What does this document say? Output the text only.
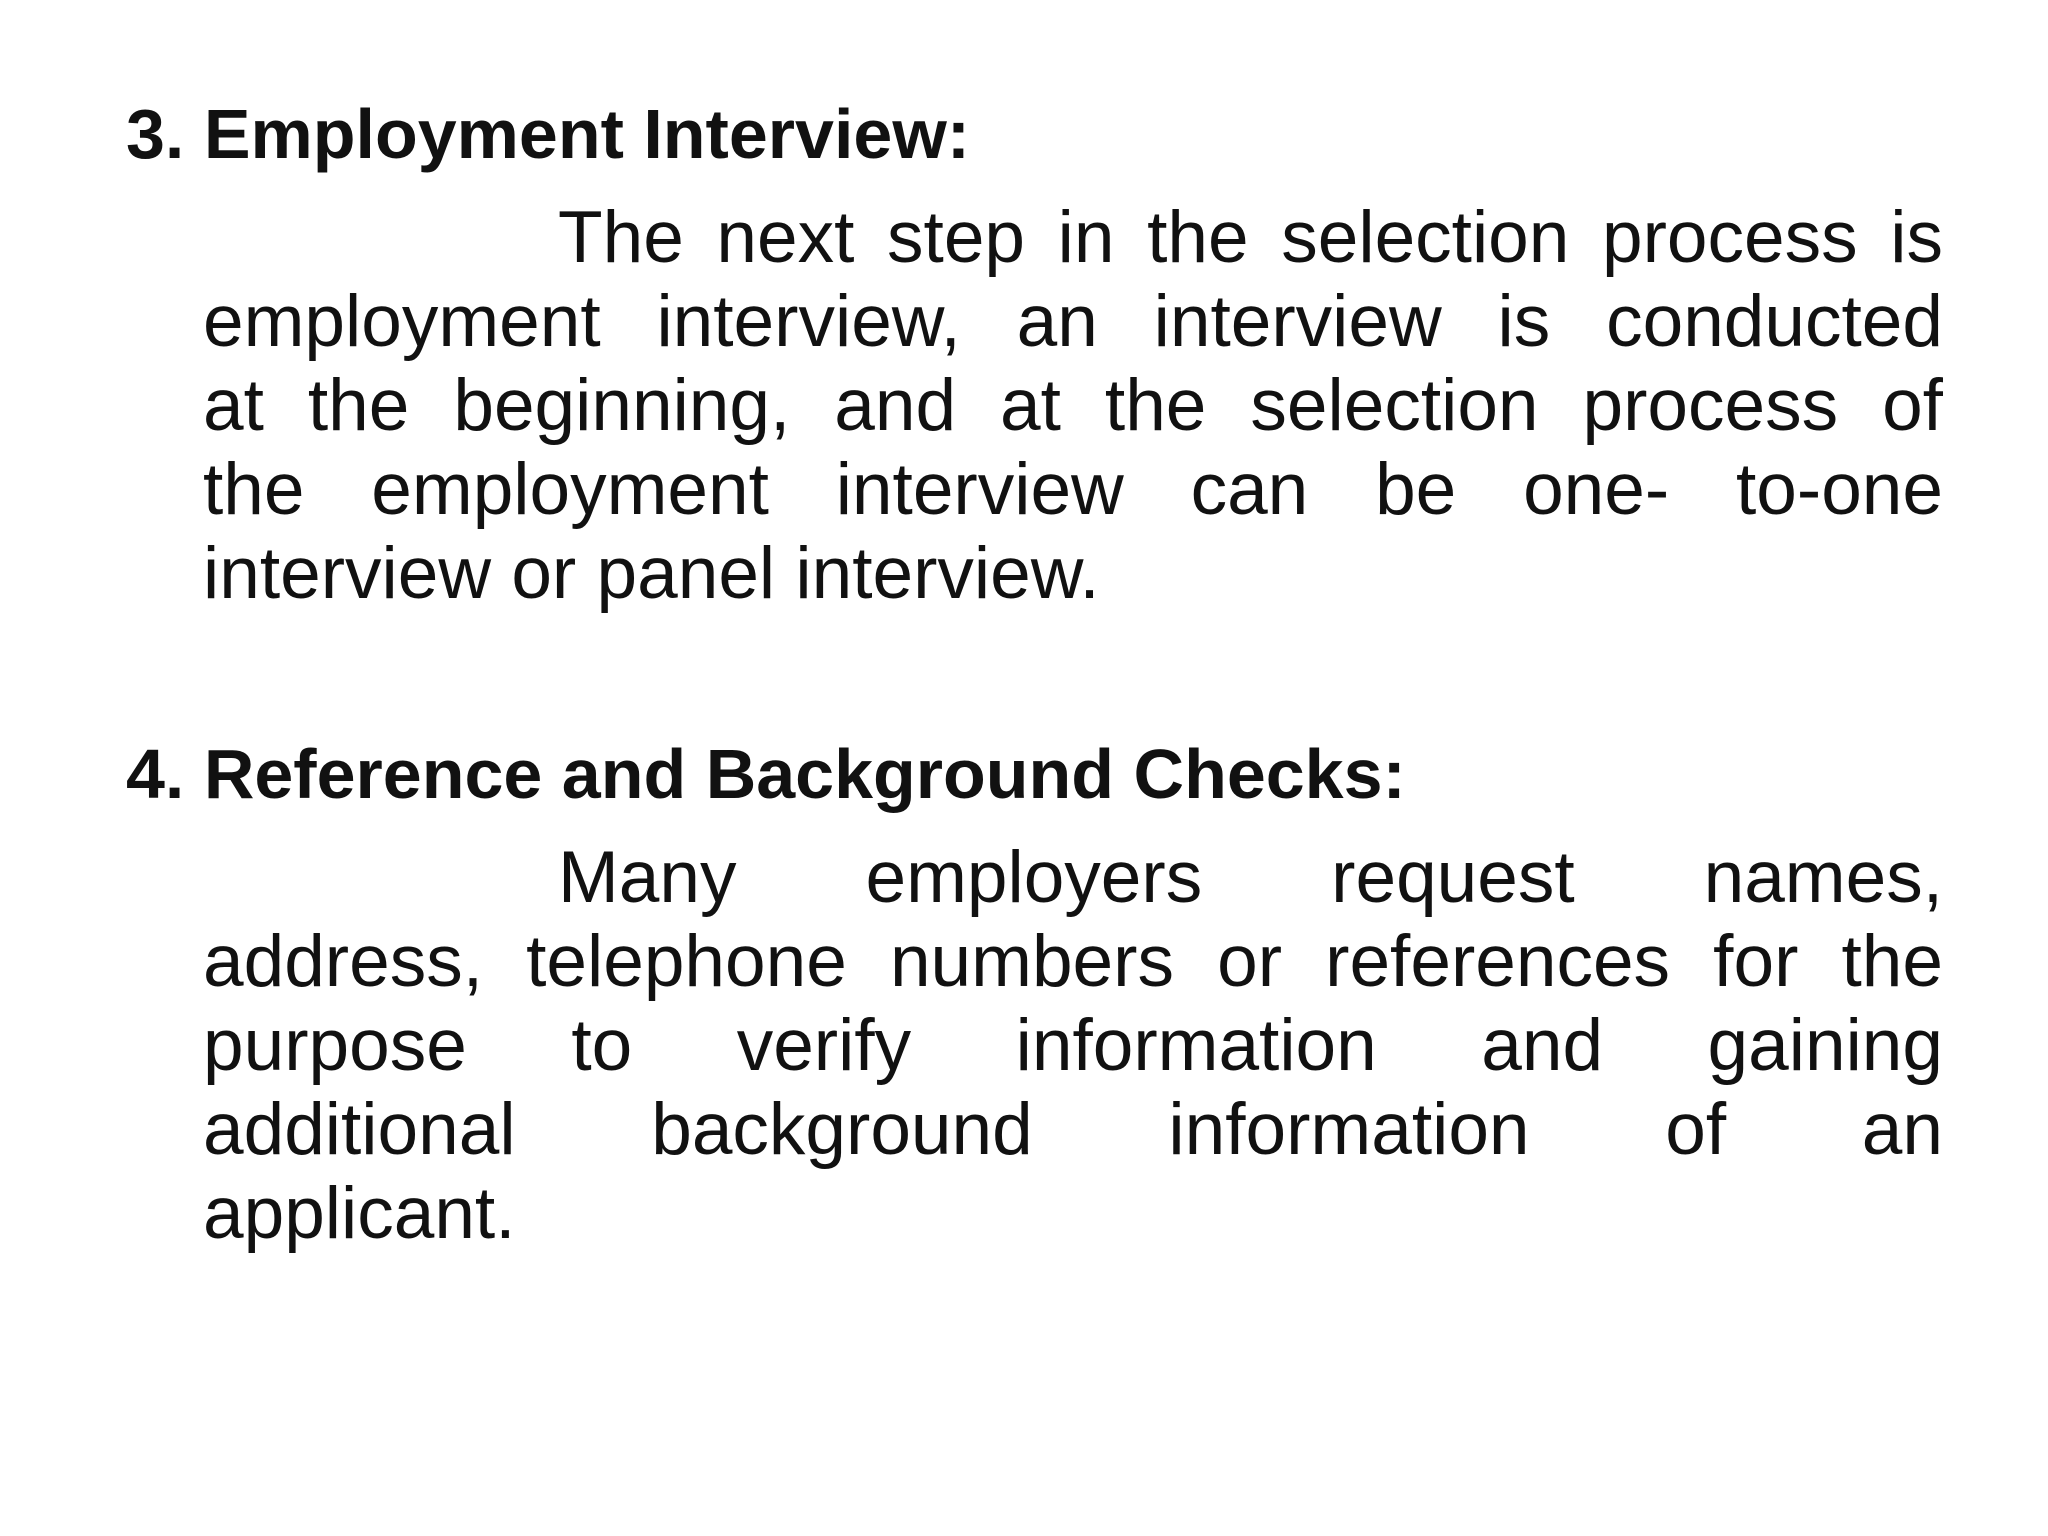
3. Employment Interview:

The next step in the selection process is
employment interview, an interview is conducted
at the beginning, and at the selection process of
the employment interview can be one- to-one
interview or panel interview.

4. Reference and Background Checks:

Many employers request names,
address, telephone numbers or references for the
purpose to verify information and gaining
additional background information of an
applicant.
